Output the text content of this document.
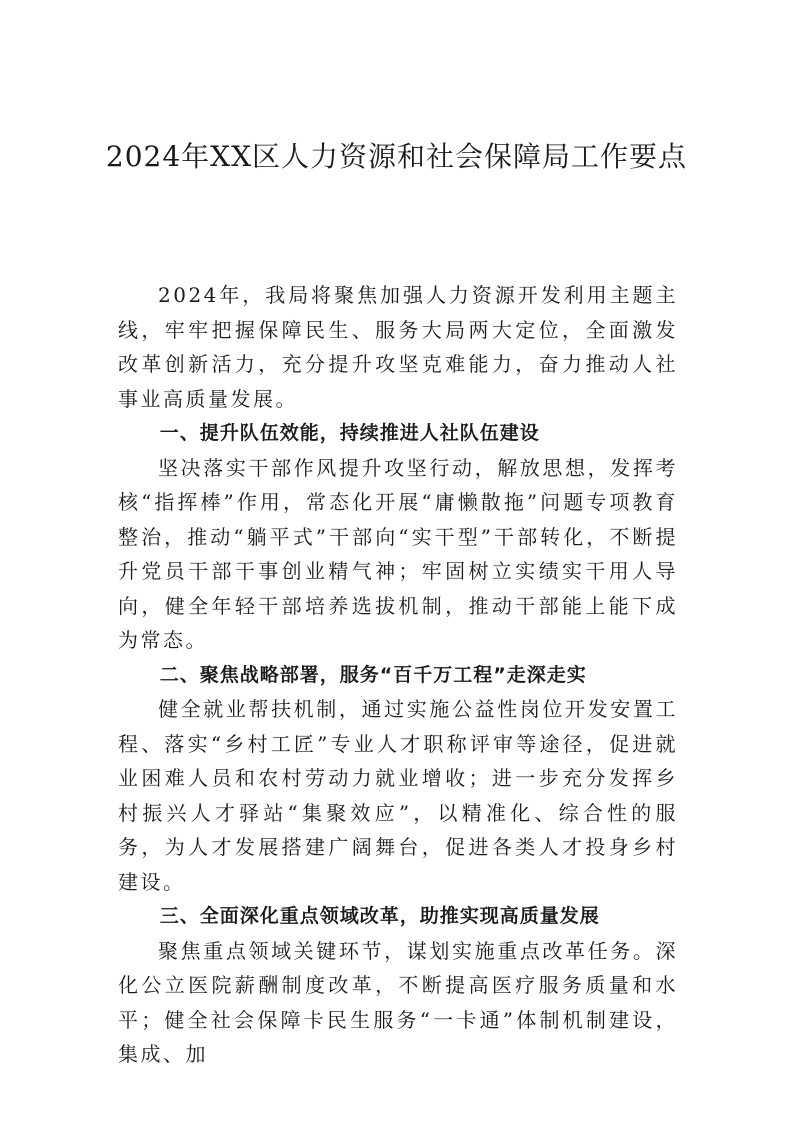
2024年XX区人力资源和社会保障局工作要点

2024年，我局将聚焦加强人力资源开发利用主题主线，牢牢把握保障民生、服务大局两大定位，全面激发改革创新活力，充分提升攻坚克难能力，奋力推动人社事业高质量发展。

一、提升队伍效能，持续推进人社队伍建设

坚决落实干部作风提升攻坚行动，解放思想，发挥考核“指挥棒”作用，常态化开展“庸懒散拖”问题专项教育整治，推动“躺平式”干部向“实干型”干部转化，不断提升党员干部干事创业精气神；牢固树立实绩实干用人导向，健全年轻干部培养选拔机制，推动干部能上能下成为常态。

二、聚焦战略部署，服务“百千万工程”走深走实

健全就业帮扶机制，通过实施公益性岗位开发安置工程、落实“乡村工匠”专业人才职称评审等途径，促进就业困难人员和农村劳动力就业增收；进一步充分发挥乡村振兴人才驿站“集聚效应”，以精准化、综合性的服务，为人才发展搭建广阔舞台，促进各类人才投身乡村建设。

三、全面深化重点领域改革，助推实现高质量发展

聚焦重点领域关键环节，谋划实施重点改革任务。深化公立医院薪酬制度改革，不断提高医疗服务质量和水平；健全社会保障卡民生服务“一卡通”体制机制建设，集成、加
